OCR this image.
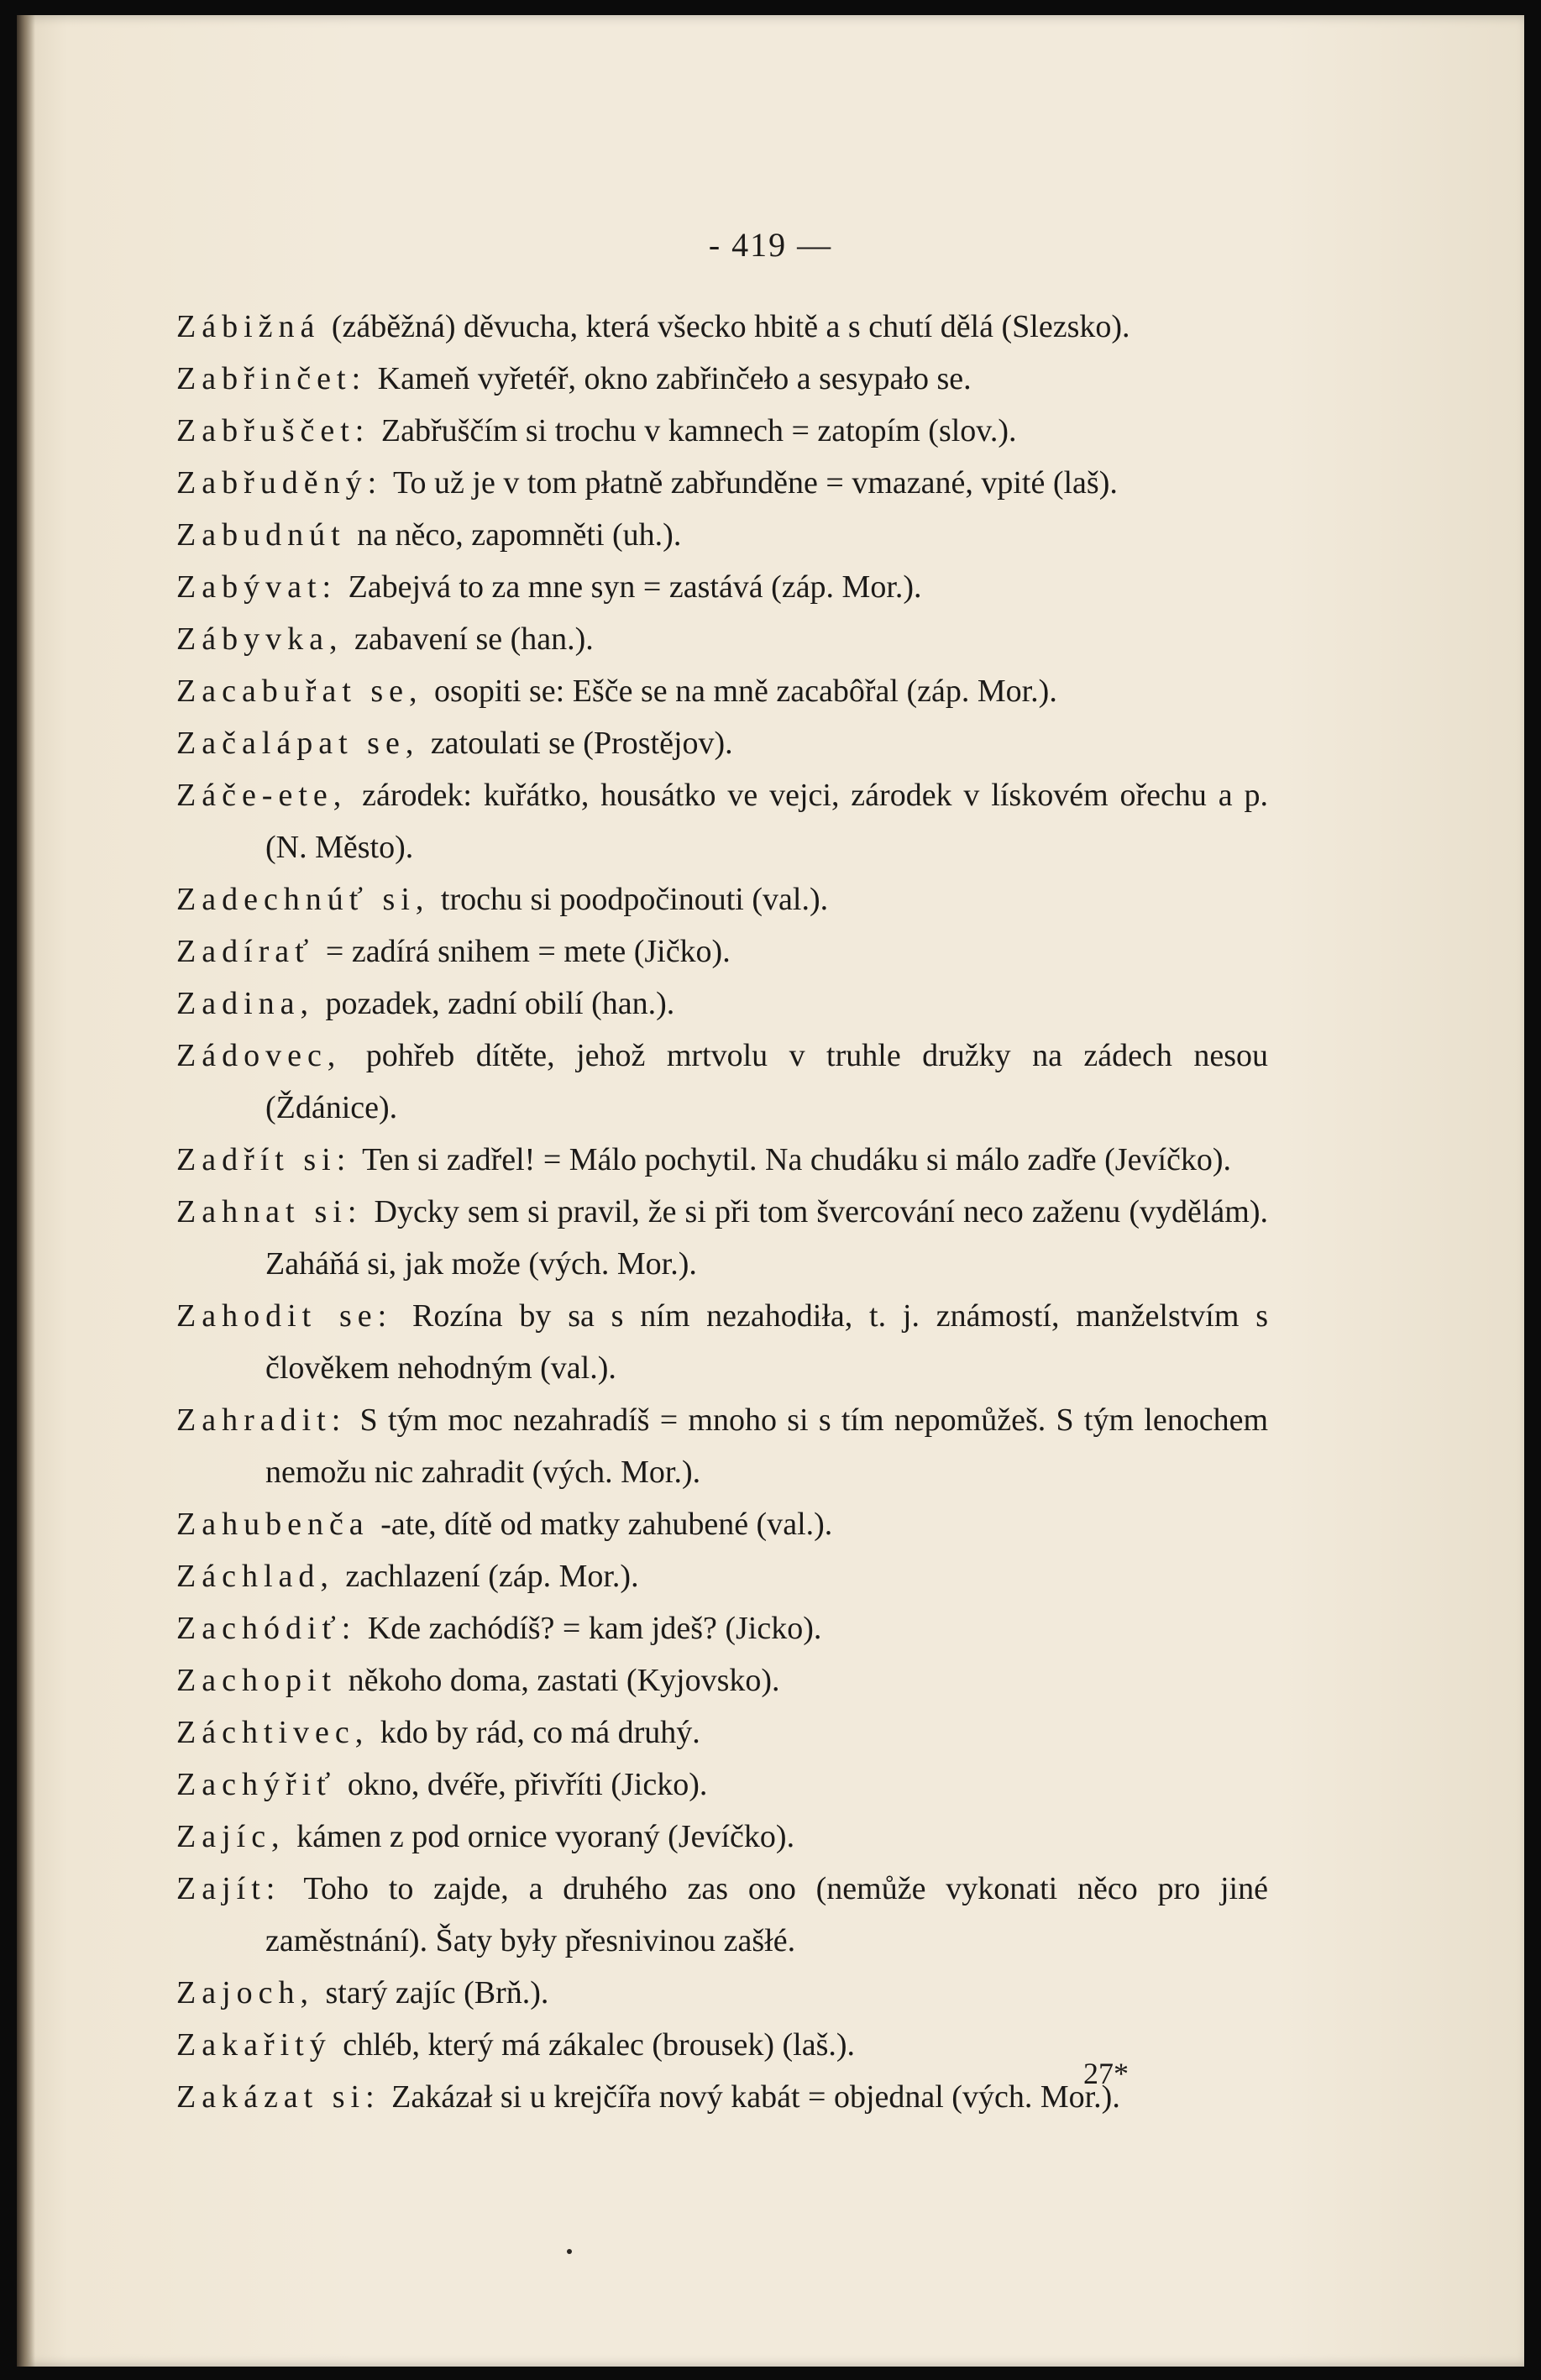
- 419 —
Zábižná (záběžná) děvucha, která všecko hbitě a s chutí dělá (Slezsko).
Zabřinčet: Kameň vyřetéř, okno zabřinčeło a sesypało se.
Zabřuščet: Zabřuščím si trochu v kamnech = zatopím (slov.).
Zabřuděný: To už je v tom płatně zabřunděne = vmazané, vpité (laš).
Zabudnút na něco, zapomněti (uh.).
Zabývat: Zabejvá to za mne syn = zastává (záp. Mor.).
Zábyvka, zabavení se (han.).
Zacabuřat se, osopiti se: Ešče se na mně zacabôřal (záp. Mor.).
Začalápat se, zatoulati se (Prostějov).
Záče-ete, zárodek: kuřátko, housátko ve vejci, zárodek v lískovém ořechu a p. (N. Město).
Zadechnúť si, trochu si poodpočinouti (val.).
Zadírať = zadírá snihem = mete (Jičko).
Zadina, pozadek, zadní obilí (han.).
Zádovec, pohřeb dítěte, jehož mrtvolu v truhle družky na zádech nesou (Ždánice).
Zadřít si: Ten si zadřel! = Málo pochytil. Na chudáku si málo zadře (Jevíčko).
Zahnat si: Dycky sem si pravil, že si při tom švercování neco zaženu (vydělám). Zaháňá si, jak može (vých. Mor.).
Zahodit se: Rozína by sa s ním nezahodiła, t. j. známostí, manželstvím s člověkem nehodným (val.).
Zahradit: S tým moc nezahradíš = mnoho si s tím nepomůžeš. S tým lenochem nemožu nic zahradit (vých. Mor.).
Zahubenča -ate, dítě od matky zahubené (val.).
Záchlad, zachlazení (záp. Mor.).
Zachódiť: Kde zachódíš? = kam jdeš? (Jicko).
Zachopit někoho doma, zastati (Kyjovsko).
Záchtivec, kdo by rád, co má druhý.
Zachýřiť okno, dvéře, přivříti (Jicko).
Zajíc, kámen z pod ornice vyoraný (Jevíčko).
Zajít: Toho to zajde, a druhého zas ono (nemůže vykonati něco pro jiné zaměstnání). Šaty były přesnivinou zašłé.
Zajoch, starý zajíc (Brň.).
Zakařitý chléb, který má zákalec (brousek) (laš.).
Zakázat si: Zakázał si u krejčířa nový kabát = objednal (vých. Mor.).
27*
